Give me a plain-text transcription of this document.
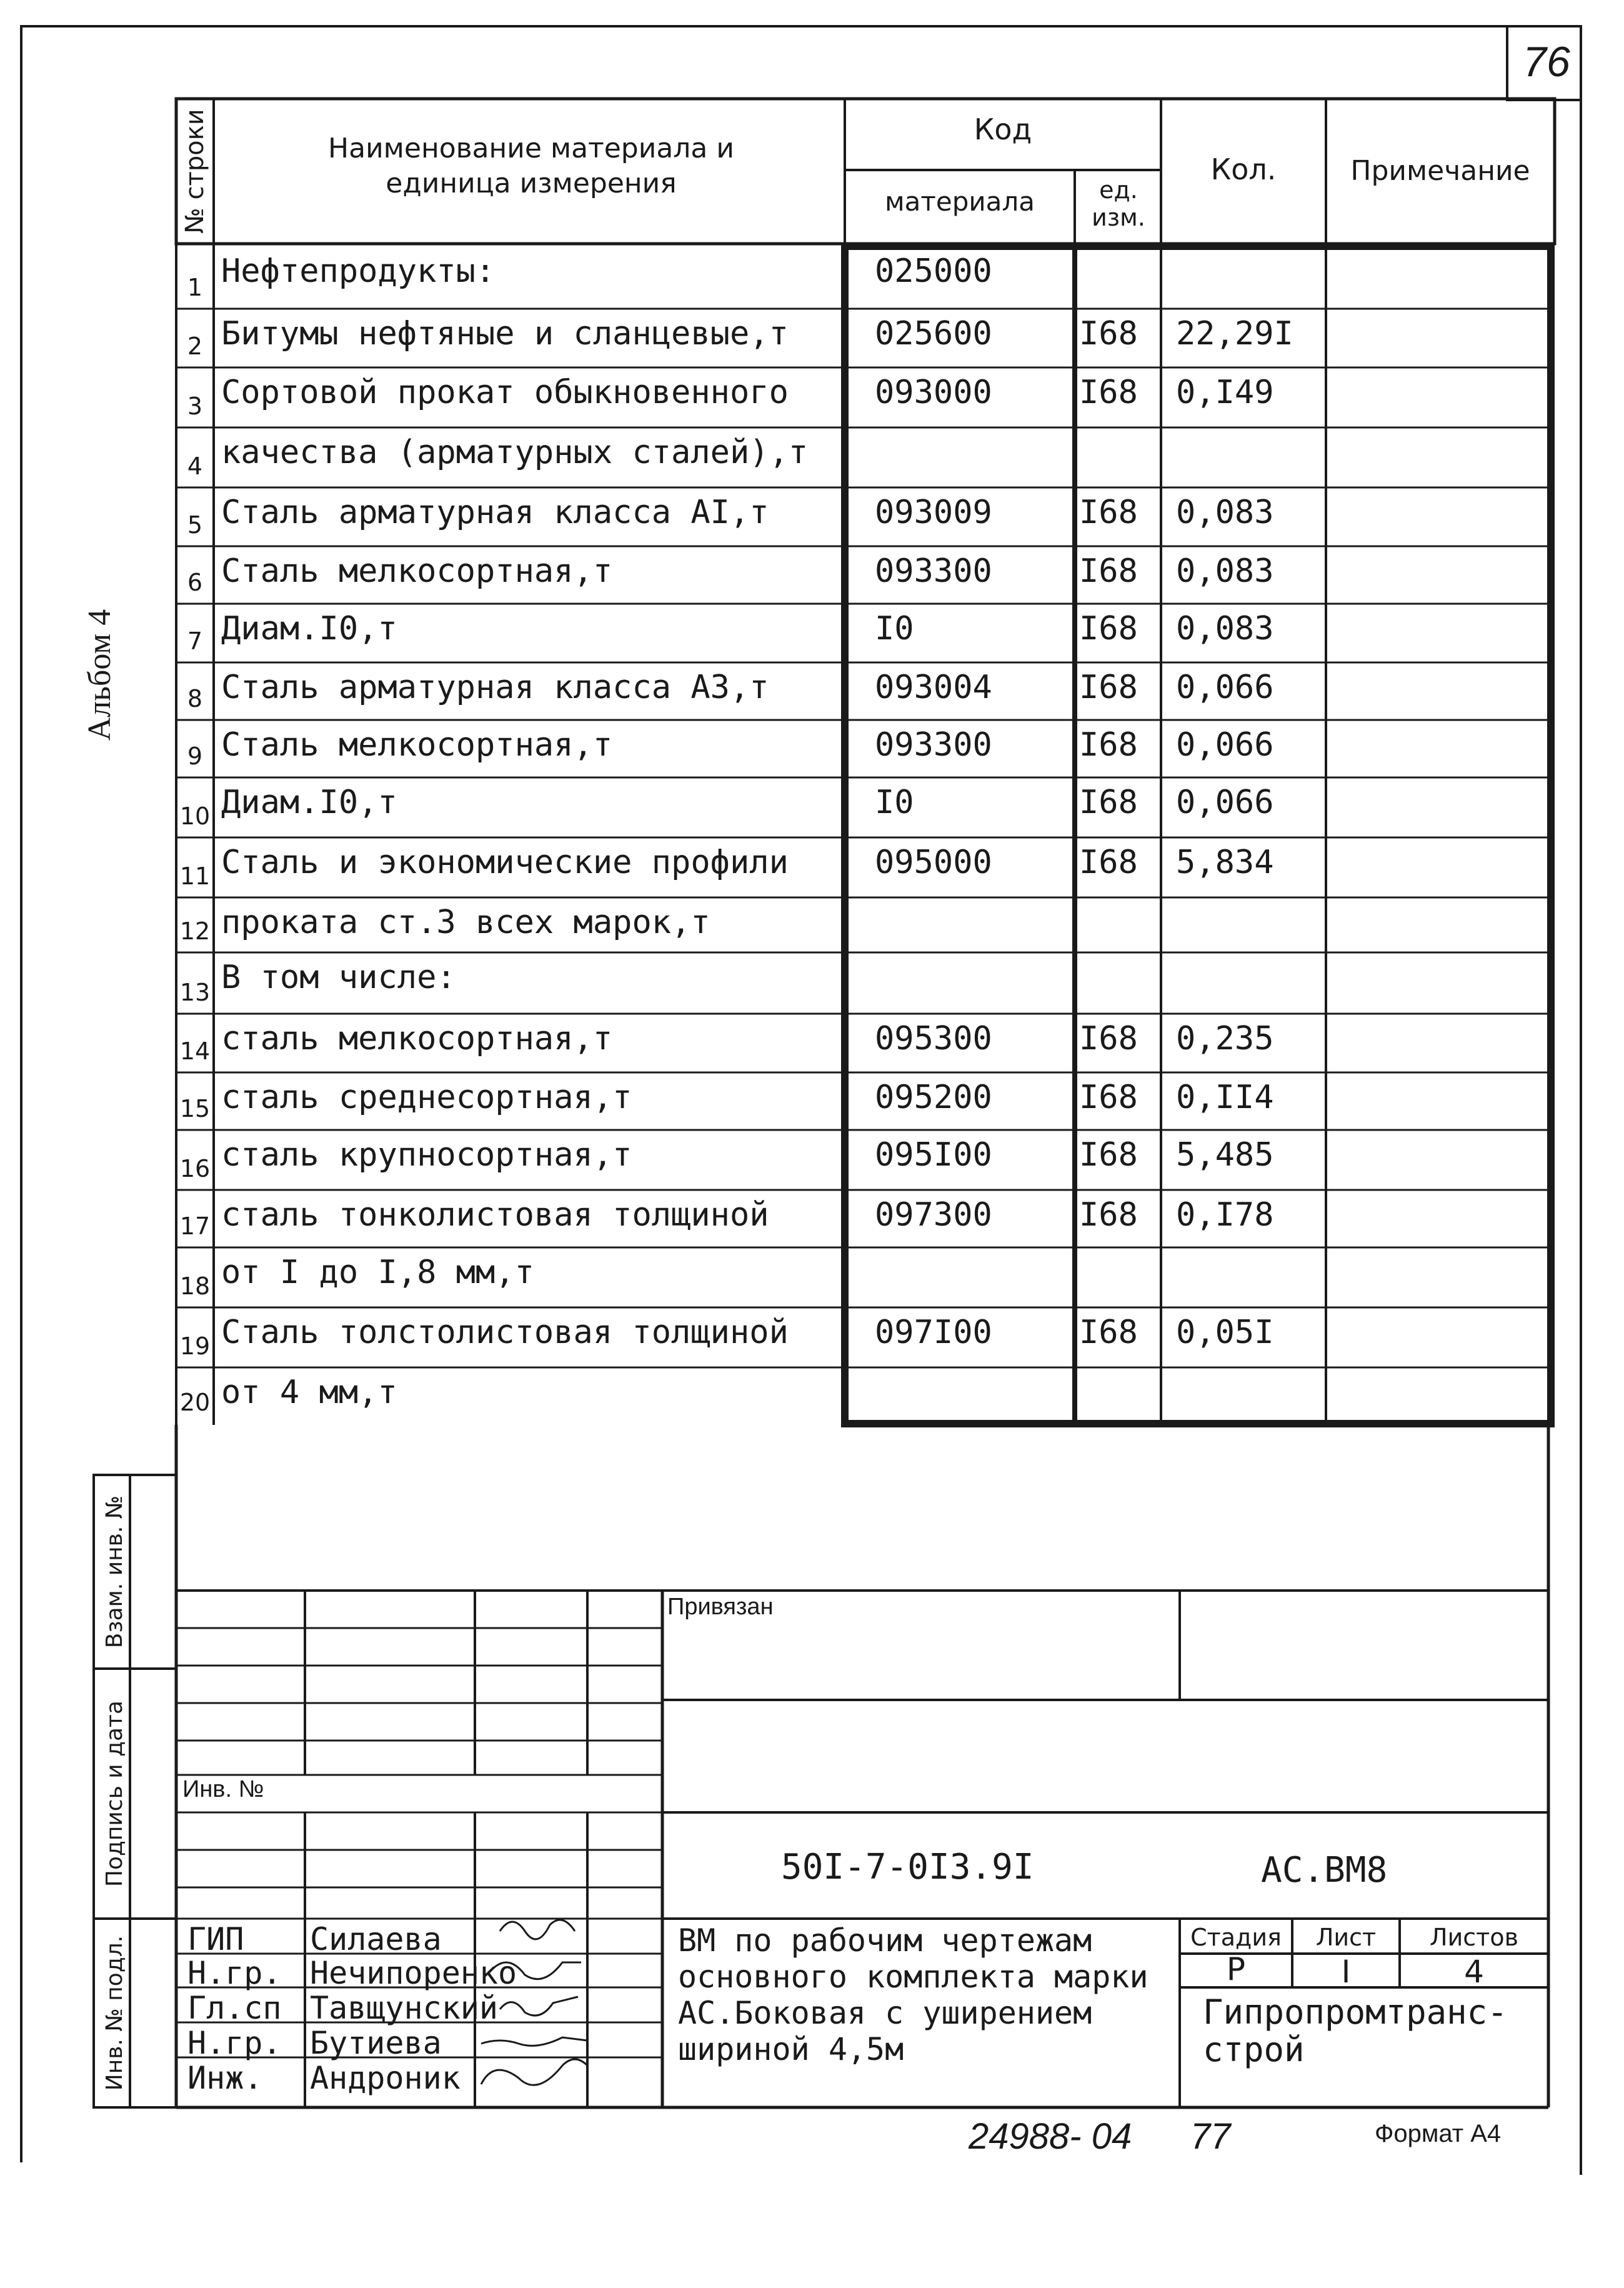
76
Альбом 4
№ строки	Наименование материала и единица измерения
Код
материала	ед. изм.
Кол.	Примечание
1 Нефтепродукты:	025000
2 Битумы нефтяные и сланцевые,т	025600	I68	22,29I
3 Сортовой прокат обыкновенного	093000	I68	0,I49
4 качества (арматурных сталей),т
5 Сталь арматурная класса АI,т	093009	I68	0,083
6 Сталь мелкосортная,т	093300	I68	0,083
7 Диам.I0,т	I0	I68	0,083
8 Сталь арматурная класса А3,т	093004	I68	0,066
9 Сталь мелкосортная,т	093300	I68	0,066
10 Диам.I0,т	I0	I68	0,066
11 Сталь и экономические профили	095000	I68	5,834
12 проката ст.3 всех марок,т
13 В том числе:
14 сталь мелкосортная,т	095300	I68	0,235
15 сталь среднесортная,т	095200	I68	0,II4
16 сталь крупносортная,т	095I00	I68	5,485
17 сталь тонколистовая толщиной	097300	I68	0,I78
18 от I до I,8 мм,т
19 Сталь толстолистовая толщиной	097I00	I68	0,05I
20 от 4 мм,т
Взам. инв. №
Подпись и дата
Инв. № подл.
Привязан
Инв. №
50I-7-0I3.9I	АС.ВМ8
ВМ по рабочим чертежам
основного комплекта марки
АС.Боковая с уширением
шириной 4,5м
Стадия	Лист	Листов
Р	I	4
Гипропромтранс-
строй
ГИП Силаева
Н.гр. Нечипоренко
Гл.сп Тавщунский
Н.гр. Бутиева
Инж. Андроник
24988- 04 77	Формат А4
